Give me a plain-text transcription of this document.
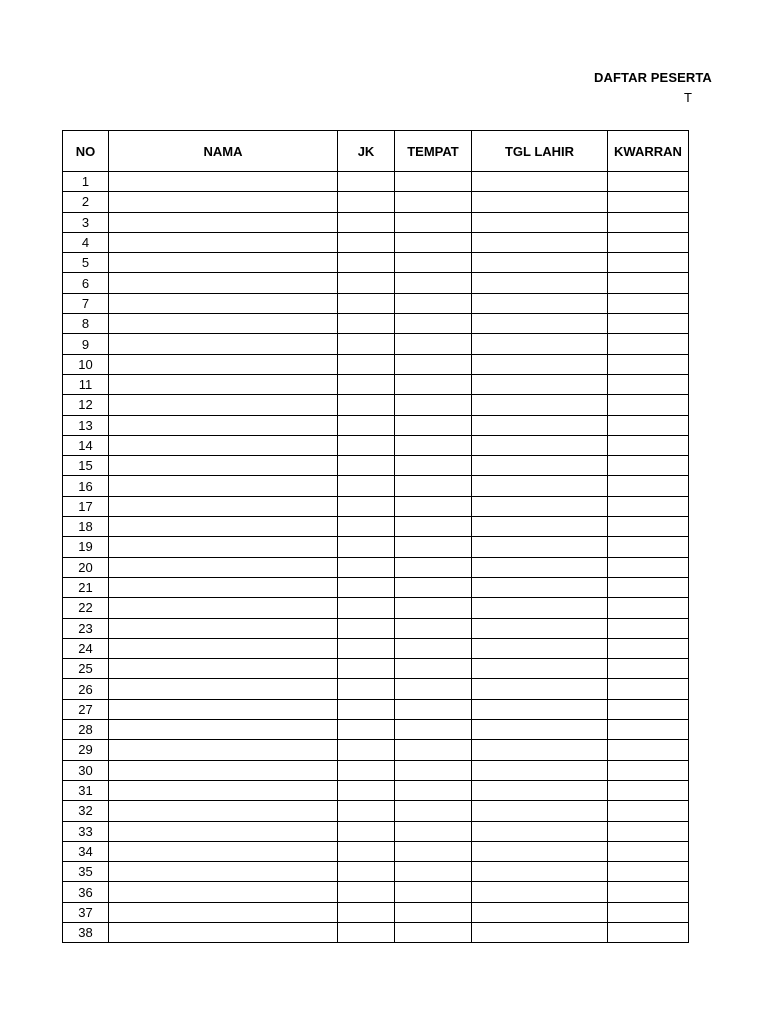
DAFTAR PESERTA
T
NO	NAMA	JK	TEMPAT	TGL LAHIR	KWARRAN
1					
2					
3					
4					
5					
6					
7					
8					
9					
10					
11					
12					
13					
14					
15					
16					
17					
18					
19					
20					
21					
22					
23					
24					
25					
26					
27					
28					
29					
30					
31					
32					
33					
34					
35					
36					
37					
38					
